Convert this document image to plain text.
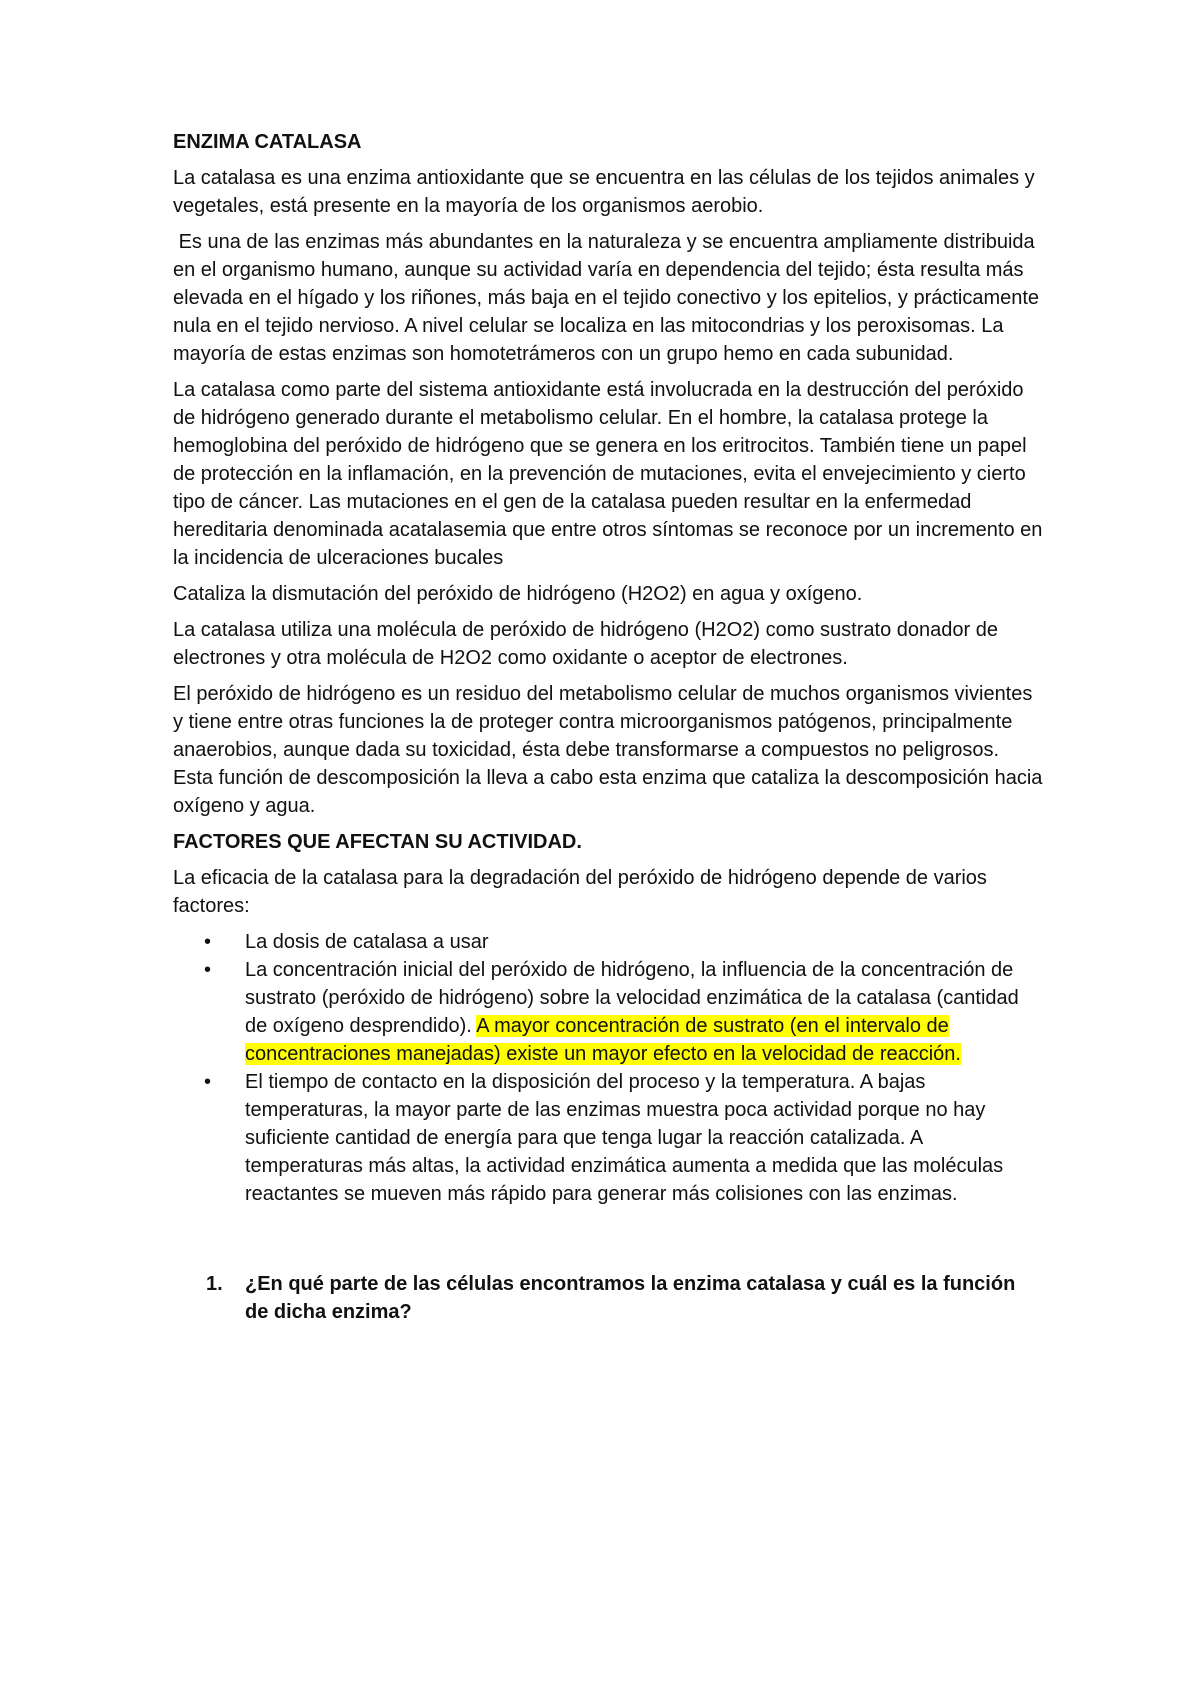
ENZIMA CATALASA

La catalasa es una enzima antioxidante que se encuentra en las células de los tejidos animales y vegetales, está presente en la mayoría de los organismos aerobio.

Es una de las enzimas más abundantes en la naturaleza y se encuentra ampliamente distribuida en el organismo humano, aunque su actividad varía en dependencia del tejido; ésta resulta más elevada en el hígado y los riñones, más baja en el tejido conectivo y los epitelios, y prácticamente nula en el tejido nervioso. A nivel celular se localiza en las mitocondrias y los peroxisomas. La mayoría de estas enzimas son homotetrámeros con un grupo hemo en cada subunidad.

La catalasa como parte del sistema antioxidante está involucrada en la destrucción del peróxido de hidrógeno generado durante el metabolismo celular. En el hombre, la catalasa protege la hemoglobina del peróxido de hidrógeno que se genera en los eritrocitos. También tiene un papel de protección en la inflamación, en la prevención de mutaciones, evita el envejecimiento y cierto tipo de cáncer. Las mutaciones en el gen de la catalasa pueden resultar en la enfermedad hereditaria denominada acatalasemia que entre otros síntomas se reconoce por un incremento en la incidencia de ulceraciones bucales

Cataliza la dismutación del peróxido de hidrógeno (H2O2) en agua y oxígeno.

La catalasa utiliza una molécula de peróxido de hidrógeno (H2O2) como sustrato donador de electrones y otra molécula de H2O2 como oxidante o aceptor de electrones.

El peróxido de hidrógeno es un residuo del metabolismo celular de muchos organismos vivientes y tiene entre otras funciones la de proteger contra microorganismos patógenos, principalmente anaerobios, aunque dada su toxicidad, ésta debe transformarse a compuestos no peligrosos. Esta función de descomposición la lleva a cabo esta enzima que cataliza la descomposición hacia oxígeno y agua.

FACTORES QUE AFECTAN SU ACTIVIDAD.

La eficacia de la catalasa para la degradación del peróxido de hidrógeno depende de varios factores:

• La dosis de catalasa a usar
• La concentración inicial del peróxido de hidrógeno, la influencia de la concentración de sustrato (peróxido de hidrógeno) sobre la velocidad enzimática de la catalasa (cantidad de oxígeno desprendido). A mayor concentración de sustrato (en el intervalo de concentraciones manejadas) existe un mayor efecto en la velocidad de reacción.
• El tiempo de contacto en la disposición del proceso y la temperatura. A bajas temperaturas, la mayor parte de las enzimas muestra poca actividad porque no hay suficiente cantidad de energía para que tenga lugar la reacción catalizada. A temperaturas más altas, la actividad enzimática aumenta a medida que las moléculas reactantes se mueven más rápido para generar más colisiones con las enzimas.
1. ¿En qué parte de las células encontramos la enzima catalasa y cuál es la función de dicha enzima?
